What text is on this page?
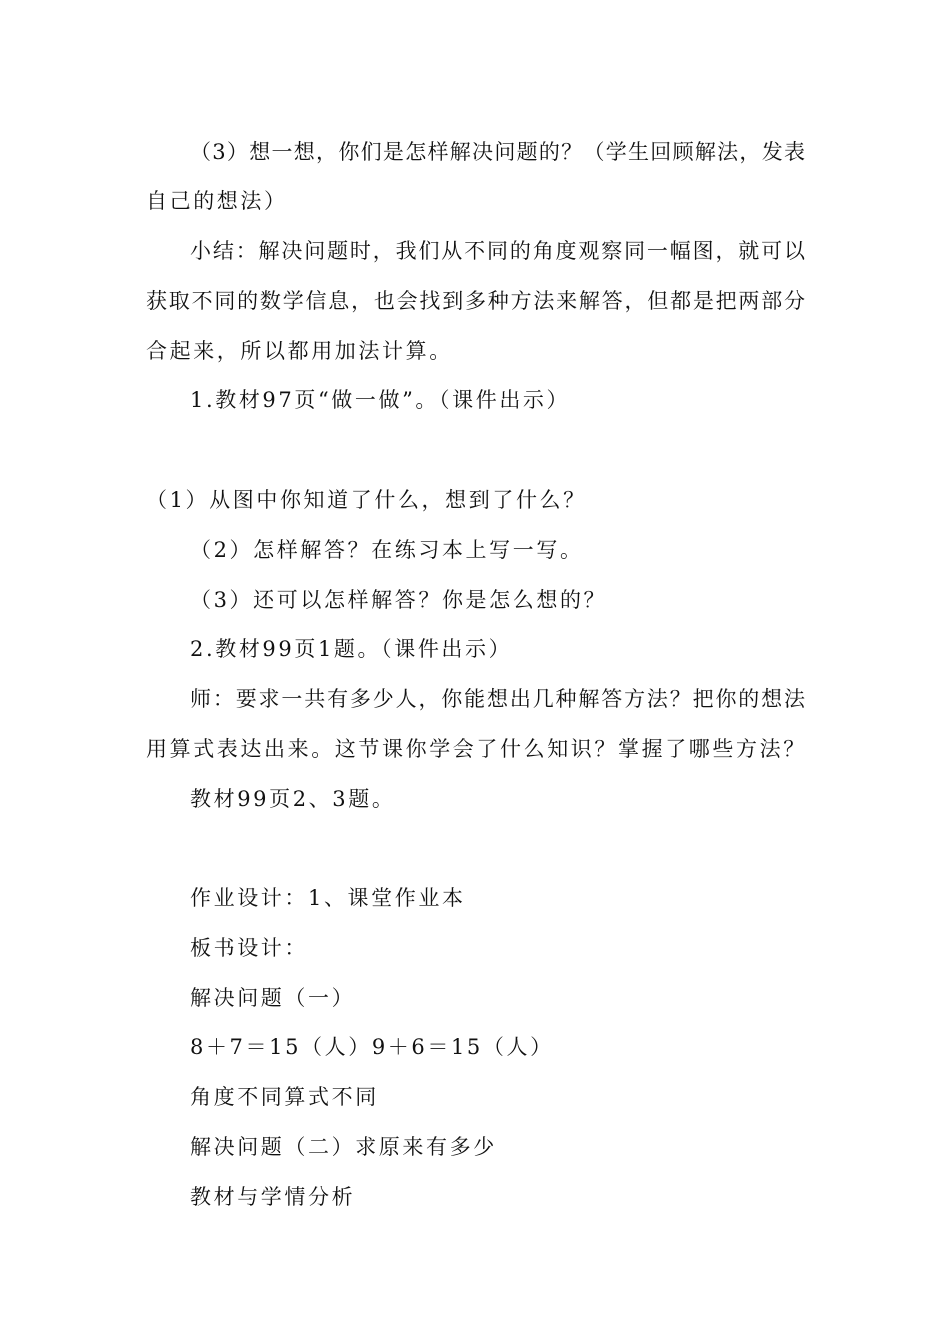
（3）想一想，你们是怎样解决问题的？（学生回顾解法，发表
自己的想法）
小结：解决问题时，我们从不同的角度观察同一幅图，就可以
获取不同的数学信息，也会找到多种方法来解答，但都是把两部分
合起来，所以都用加法计算。
1.教材97页“做一做”。（课件出示）
（1）从图中你知道了什么，想到了什么？
（2）怎样解答？在练习本上写一写。
（3）还可以怎样解答？你是怎么想的？
2.教材99页1题。（课件出示）
师：要求一共有多少人，你能想出几种解答方法？把你的想法
用算式表达出来。这节课你学会了什么知识？掌握了哪些方法？
教材99页2、3题。
作业设计：1、课堂作业本
板书设计：
解决问题（一）
8＋7＝15（人）9＋6＝15（人）
角度不同算式不同
解决问题（二）求原来有多少
教材与学情分析
